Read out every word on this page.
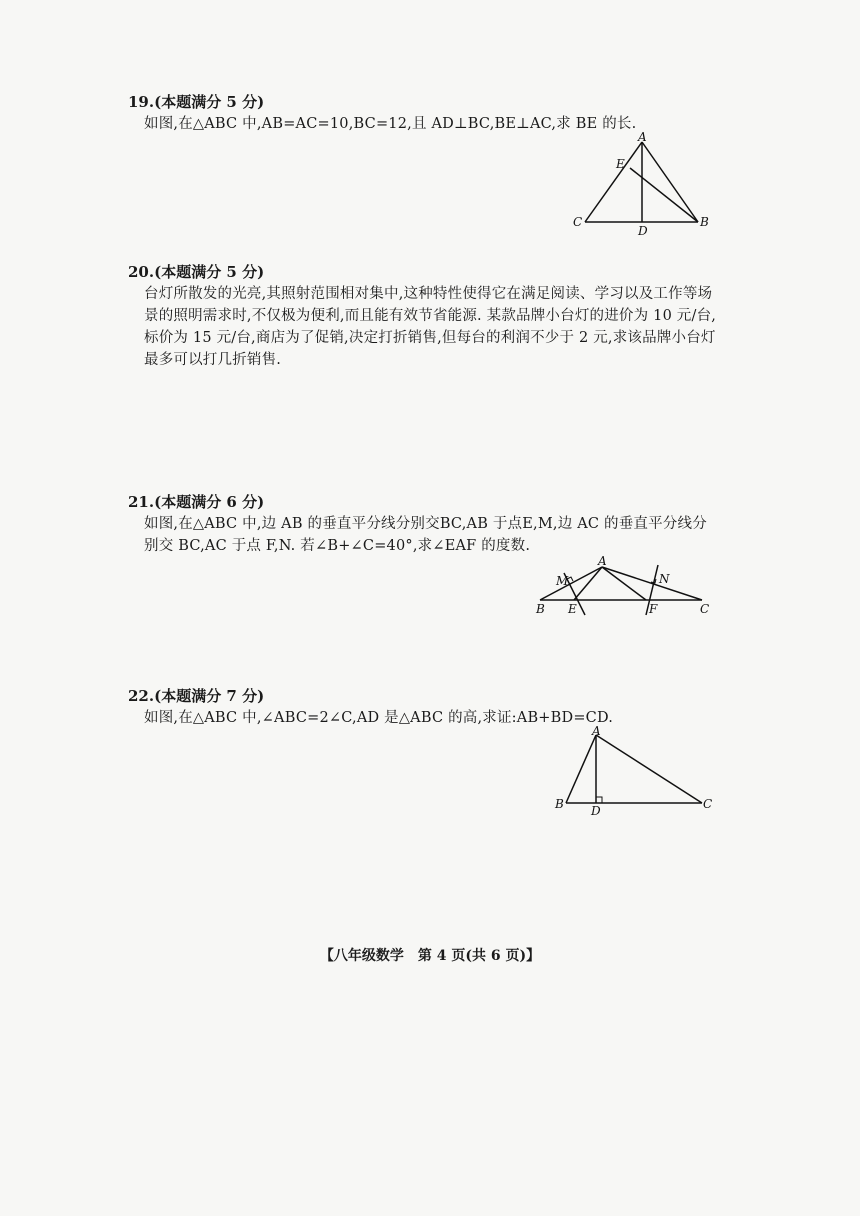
19.(本题满分 5 分)
如图,在△ABC 中,AB=AC=10,BC=12,且 AD⊥BC,BE⊥AC,求 BE 的长.
A
B
C
D
E
20.(本题满分 5 分)
台灯所散发的光亮,其照射范围相对集中,这种特性使得它在满足阅读、学习以及工作等场
景的照明需求时,不仅极为便利,而且能有效节省能源. 某款品牌小台灯的进价为 10 元/台,
标价为 15 元/台,商店为了促销,决定打折销售,但每台的利润不少于 2 元,求该品牌小台灯
最多可以打几折销售.
21.(本题满分 6 分)
如图,在△ABC 中,边 AB 的垂直平分线分别交BC,AB 于点E,M,边 AC 的垂直平分线分
别交 BC,AC 于点 F,N. 若∠B+∠C=40°,求∠EAF 的度数.
A
B	C
E	F
M	N
22.(本题满分 7 分)
如图,在△ABC 中,∠ABC=2∠C,AD 是△ABC 的高,求证:AB+BD=CD.
A
B	C
D
【八年级数学　第 4 页(共 6 页)】
